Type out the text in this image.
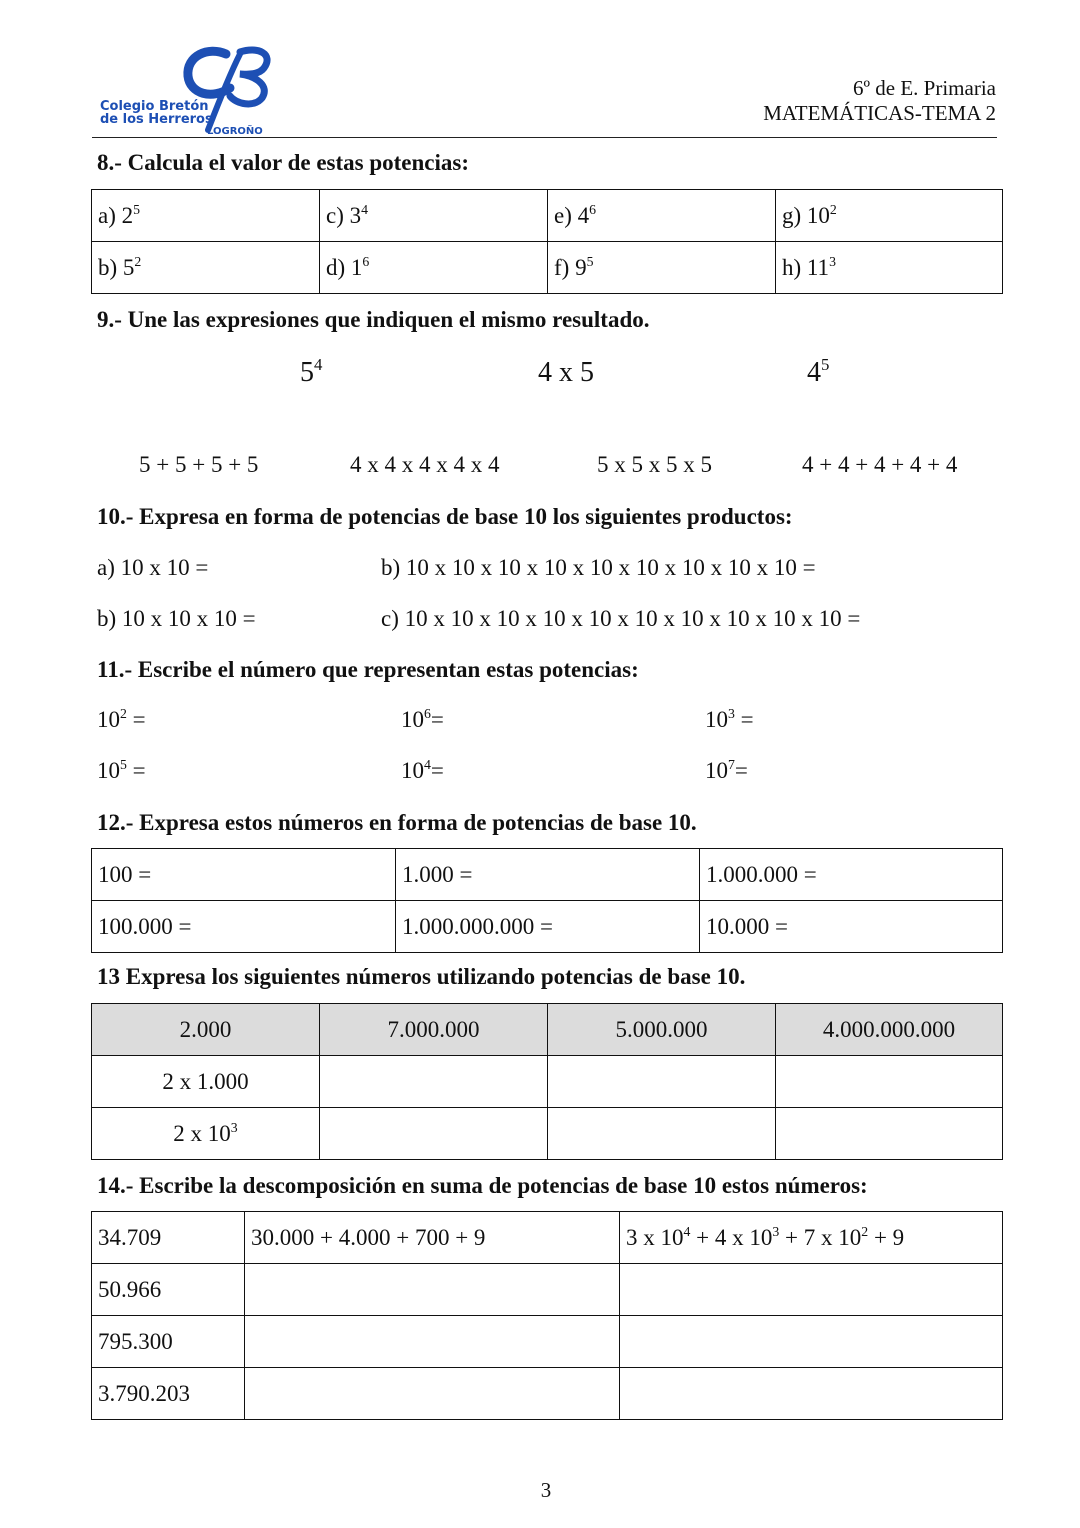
Colegio Bretón
de los Herreros
LOGROÑO
6º de E. Primaria
MATEMÁTICAS-TEMA 2
8.- Calcula el valor de estas potencias:
a) $2^5$	c) $3^4$	e) $4^6$	g) $10^2$
b) $5^2$	d) $1^6$	f) $9^5$	h) $11^3$
9.- Une las expresiones que indiquen el mismo resultado.
$5^4$	4 x 5	$4^5$
5 + 5 + 5 + 5	4 x 4 x 4 x 4 x 4	5 x 5 x 5 x 5	4 + 4 + 4 + 4 + 4
10.- Expresa en forma de potencias de base 10 los siguientes productos:
a) 10 x 10 =	b) 10 x 10 x 10 x 10 x 10 x 10 x 10 x 10 x 10 =
b) 10 x 10 x 10 =	c) 10 x 10 x 10 x 10 x 10 x 10 x 10 x 10 x 10 x 10 =
11.- Escribe el número que representan estas potencias:
$10^2$ =	$10^6=$	$10^3$ =
$10^5$ =	$10^4=$	$10^7=$
12.- Expresa estos números en forma de potencias de base 10.
100 =	1.000 =	1.000.000 =
100.000 =	1.000.000.000 =	10.000 =
13 Expresa los siguientes números utilizando potencias de base 10.
2.000	7.000.000	5.000.000	4.000.000.000
2 x 1.000			
2 x $10^3$			
14.- Escribe la descomposición en suma de potencias de base 10 estos números:
34.709	30.000 + 4.000 + 700 + 9	3 x $10^4 + 4$ x $10^3 + 7$ x $10^2 + 9$
50.966		
795.300		
3.790.203		
3
